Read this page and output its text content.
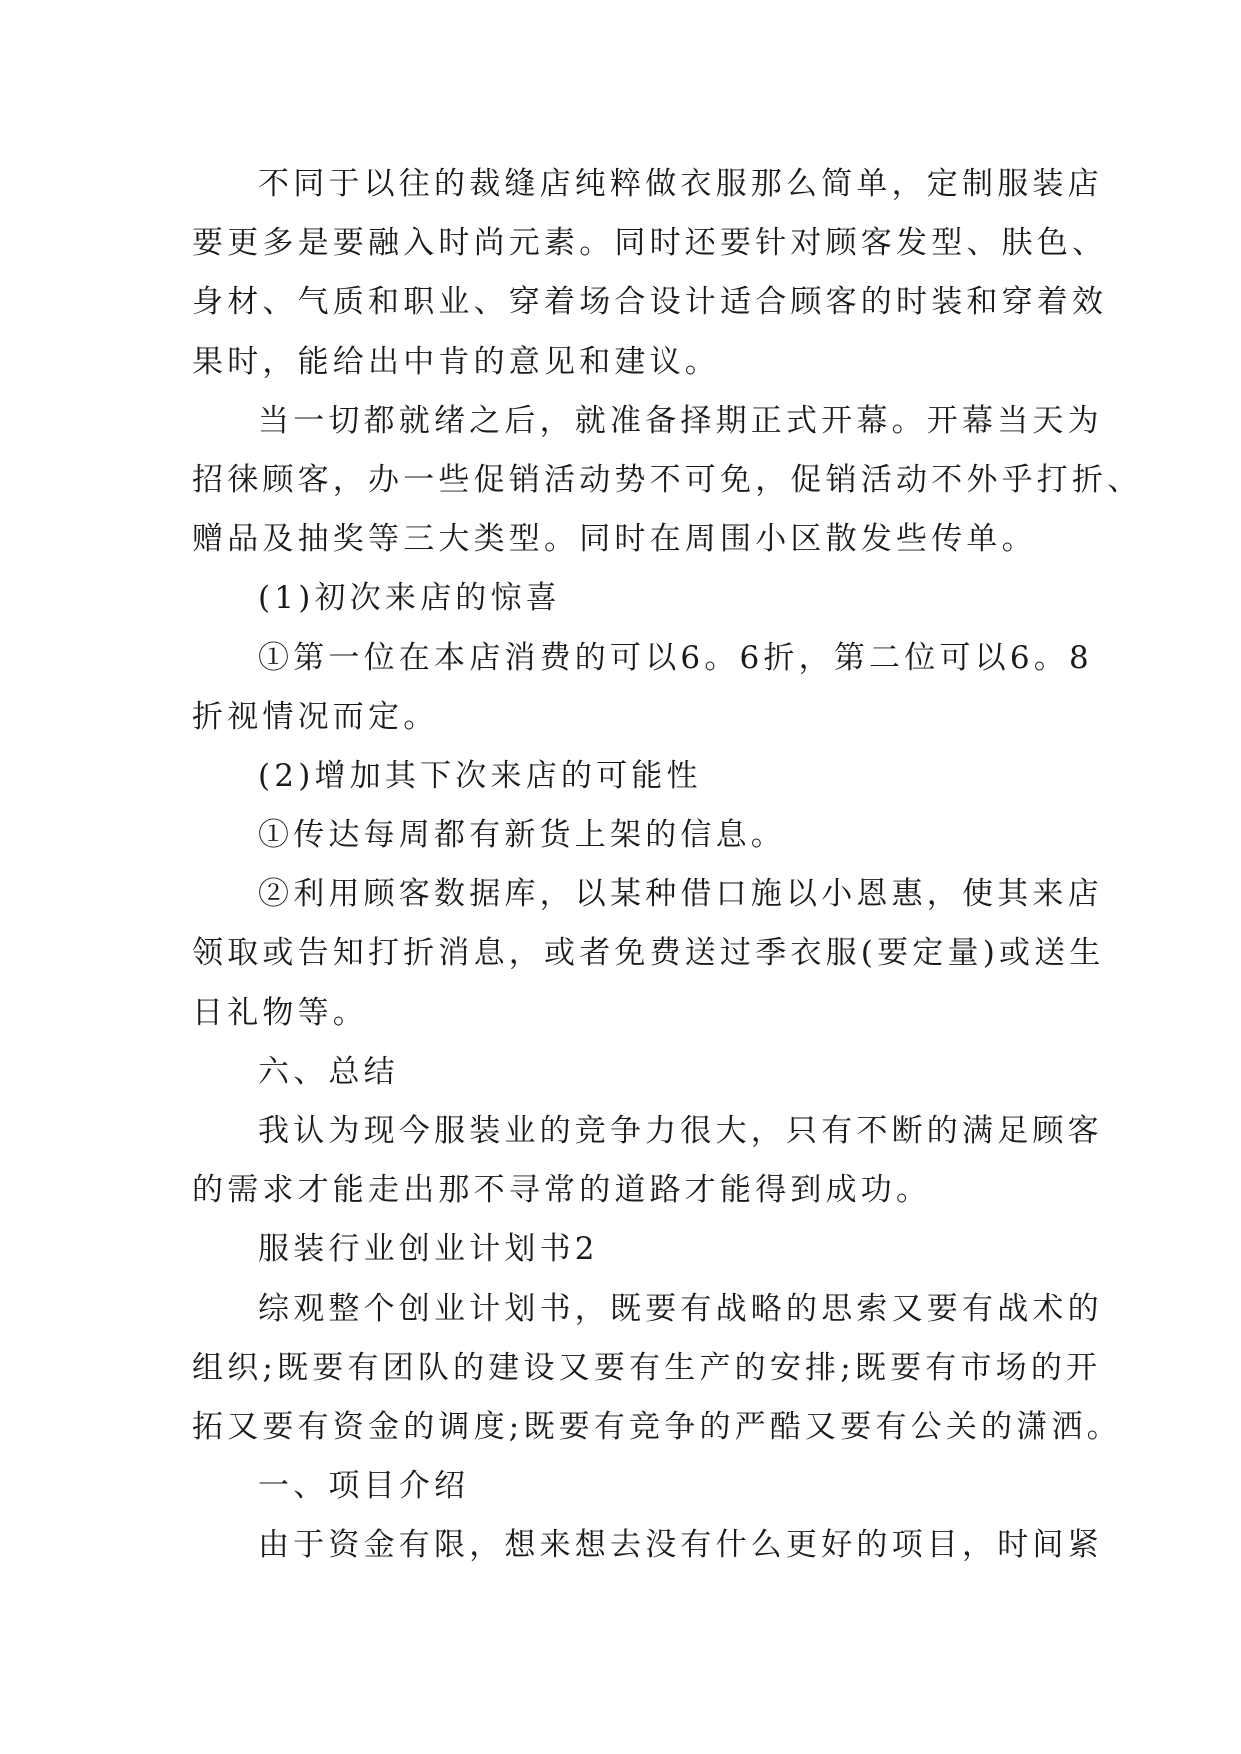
不同于以往的裁缝店纯粹做衣服那么简单，定制服装店
要更多是要融入时尚元素。同时还要针对顾客发型、肤色、
身材、气质和职业、穿着场合设计适合顾客的时装和穿着效
果时，能给出中肯的意见和建议。
当一切都就绪之后，就准备择期正式开幕。开幕当天为
招徕顾客，办一些促销活动势不可免，促销活动不外乎打折、
赠品及抽奖等三大类型。同时在周围小区散发些传单。
(1)初次来店的惊喜
①第一位在本店消费的可以6。6折，第二位可以6。8
折视情况而定。
(2)增加其下次来店的可能性
①传达每周都有新货上架的信息。
②利用顾客数据库，以某种借口施以小恩惠，使其来店
领取或告知打折消息，或者免费送过季衣服(要定量)或送生
日礼物等。
六、总结
我认为现今服装业的竞争力很大，只有不断的满足顾客
的需求才能走出那不寻常的道路才能得到成功。
服装行业创业计划书2
综观整个创业计划书，既要有战略的思索又要有战术的
组织;既要有团队的建设又要有生产的安排;既要有市场的开
拓又要有资金的调度;既要有竞争的严酷又要有公关的潇洒。
一、项目介绍
由于资金有限，想来想去没有什么更好的项目，时间紧
